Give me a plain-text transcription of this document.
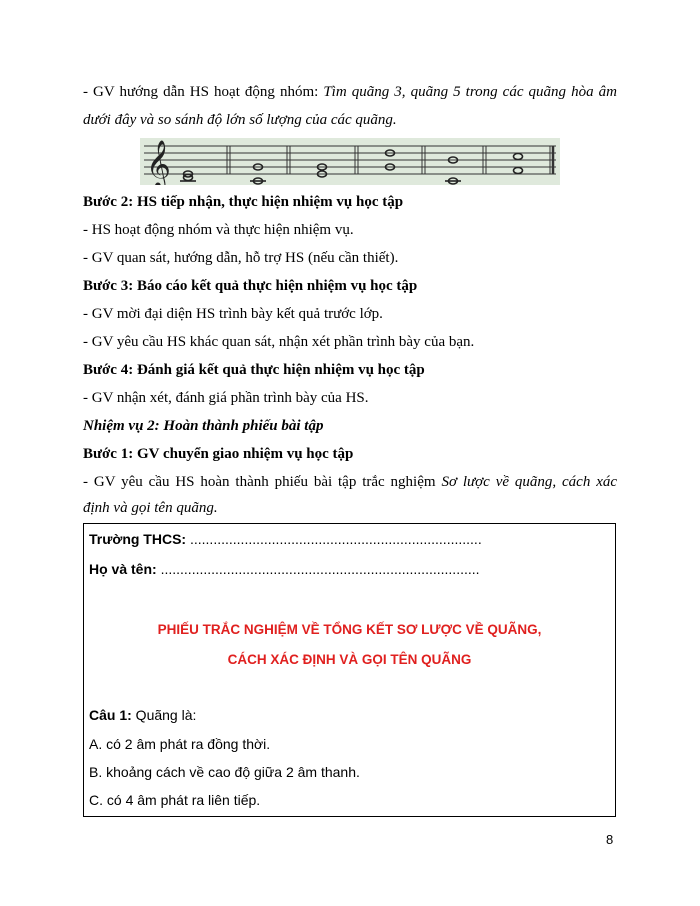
- GV hướng dẫn HS hoạt động nhóm: Tìm quãng 3, quãng 5 trong các quãng hòa âm
dưới đây và so sánh độ lớn số lượng của các quãng.
𝄞
Bước 2: HS tiếp nhận, thực hiện nhiệm vụ học tập
- HS hoạt động nhóm và thực hiện nhiệm vụ.
- GV quan sát, hướng dẫn, hỗ trợ HS (nếu cần thiết).
Bước 3: Báo cáo kết quả thực hiện nhiệm vụ học tập
- GV mời đại diện HS trình bày kết quả trước lớp.
- GV yêu cầu HS khác quan sát, nhận xét phần trình bày của bạn.
Bước 4: Đánh giá kết quả thực hiện nhiệm vụ học tập
- GV nhận xét, đánh giá phần trình bày của HS.
Nhiệm vụ 2: Hoàn thành phiếu bài tập
Bước 1: GV chuyển giao nhiệm vụ học tập
- GV yêu cầu HS hoàn thành phiếu bài tập trắc nghiệm Sơ lược về quãng, cách xác
định và gọi tên quãng.
Trường THCS: ...........................................................................
Họ và tên: ..................................................................................
PHIẾU TRẮC NGHIỆM VỀ TỔNG KẾT SƠ LƯỢC VỀ QUÃNG,
CÁCH XÁC ĐỊNH VÀ GỌI TÊN QUÃNG
Câu 1: Quãng là:
A. có 2 âm phát ra đồng thời.
B. khoảng cách về cao độ giữa 2 âm thanh.
C. có 4 âm phát ra liên tiếp.
8
